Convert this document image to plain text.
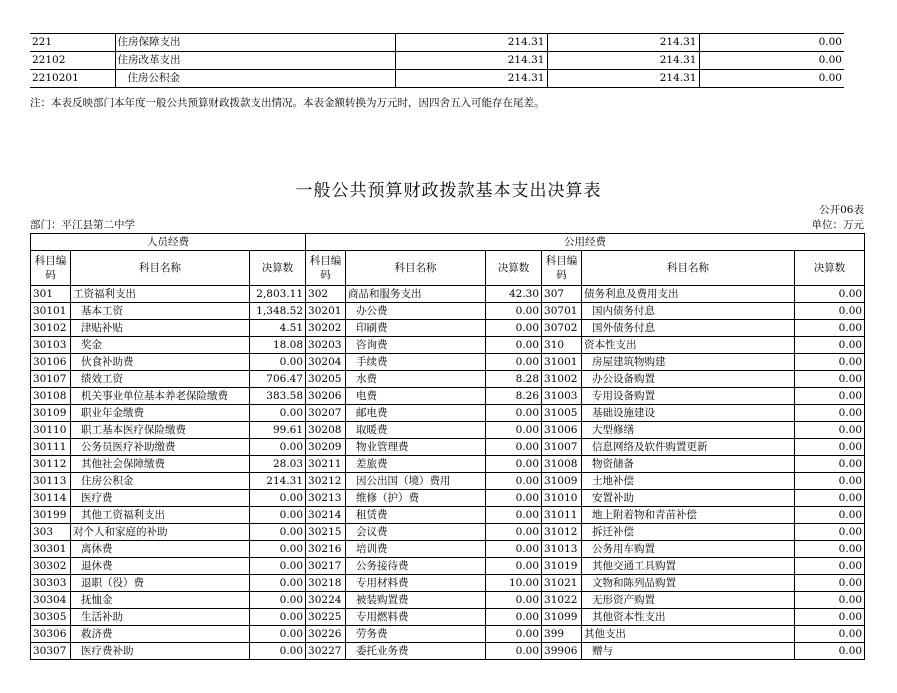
221	住房保障支出	214.31	214.31	0.00
22102	住房改革支出	214.31	214.31	0.00
2210201	住房公积金	214.31	214.31	0.00
注：本表反映部门本年度一般公共预算财政拨款支出情况。本表金额转换为万元时，因四舍五入可能存在尾差。
一般公共预算财政拨款基本支出决算表
公开06表
部门：平江县第二中学	单位：万元
人员经费			公用经费					
科目编码	科目名称	决算数	科目编码	科目名称	决算数	科目编码	科目名称	决算数
301	工资福利支出	2,803.11	302	商品和服务支出	42.30	307	债务利息及费用支出	0.00
30101	基本工资	1,348.52	30201	办公费	0.00	30701	国内债务付息	0.00
30102	津贴补贴	4.51	30202	印刷费	0.00	30702	国外债务付息	0.00
30103	奖金	18.08	30203	咨询费	0.00	310	资本性支出	0.00
30106	伙食补助费	0.00	30204	手续费	0.00	31001	房屋建筑物购建	0.00
30107	绩效工资	706.47	30205	水费	8.28	31002	办公设备购置	0.00
30108	机关事业单位基本养老保险缴费	383.58	30206	电费	8.26	31003	专用设备购置	0.00
30109	职业年金缴费	0.00	30207	邮电费	0.00	31005	基础设施建设	0.00
30110	职工基本医疗保险缴费	99.61	30208	取暖费	0.00	31006	大型修缮	0.00
30111	公务员医疗补助缴费	0.00	30209	物业管理费	0.00	31007	信息网络及软件购置更新	0.00
30112	其他社会保障缴费	28.03	30211	差旅费	0.00	31008	物资储备	0.00
30113	住房公积金	214.31	30212	因公出国（境）费用	0.00	31009	土地补偿	0.00
30114	医疗费	0.00	30213	维修（护）费	0.00	31010	安置补助	0.00
30199	其他工资福利支出	0.00	30214	租赁费	0.00	31011	地上附着物和青苗补偿	0.00
303	对个人和家庭的补助	0.00	30215	会议费	0.00	31012	拆迁补偿	0.00
30301	离休费	0.00	30216	培训费	0.00	31013	公务用车购置	0.00
30302	退休费	0.00	30217	公务接待费	0.00	31019	其他交通工具购置	0.00
30303	退职（役）费	0.00	30218	专用材料费	10.00	31021	文物和陈列品购置	0.00
30304	抚恤金	0.00	30224	被装购置费	0.00	31022	无形资产购置	0.00
30305	生活补助	0.00	30225	专用燃料费	0.00	31099	其他资本性支出	0.00
30306	救济费	0.00	30226	劳务费	0.00	399	其他支出	0.00
30307	医疗费补助	0.00	30227	委托业务费	0.00	39906	赠与	0.00
